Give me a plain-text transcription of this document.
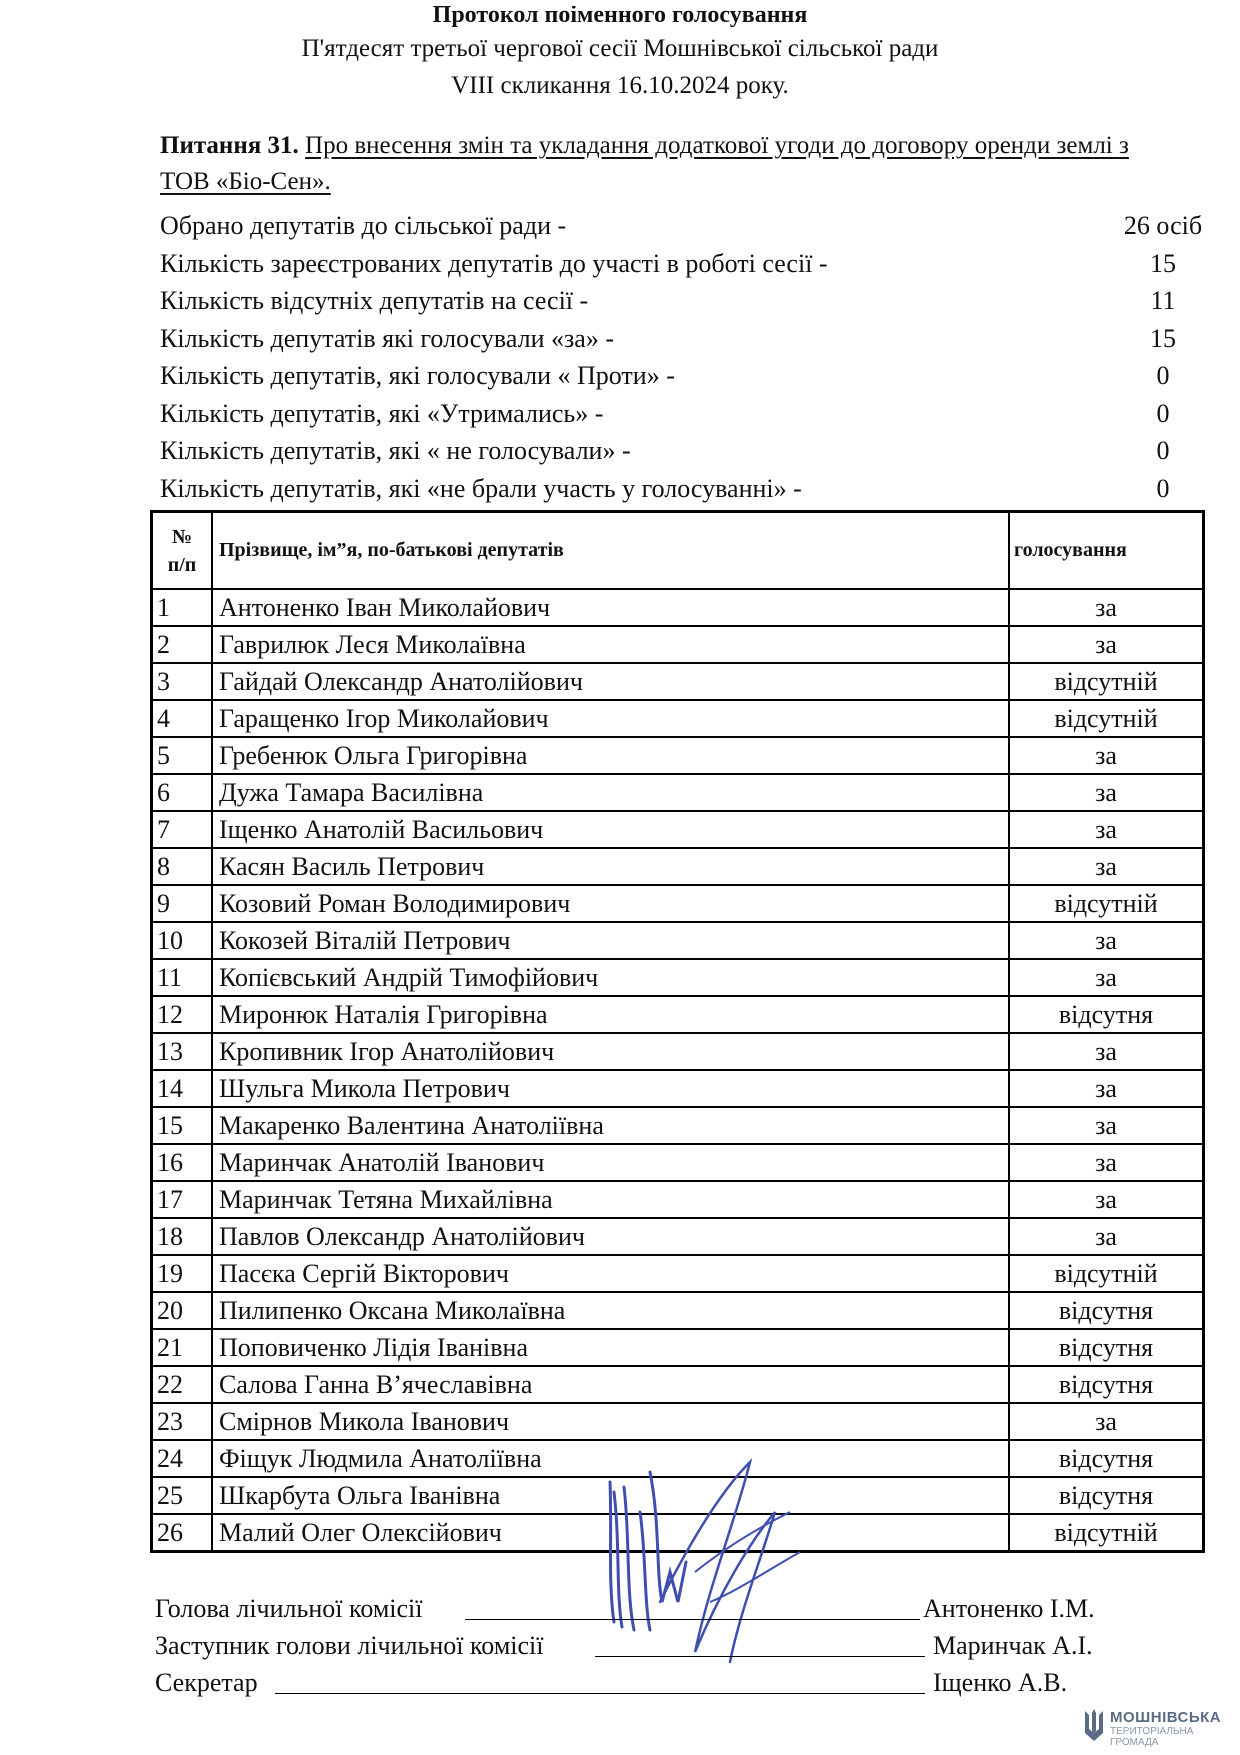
Протокол поіменного голосування
П'ятдесят третьої чергової сесії Мошнівської сільської ради
VIII скликання 16.10.2024 року.
Питання 31. Про внесення змін та укладання додаткової угоди до договору оренди землі з ТОВ «Біо-Сен».
Обрано депутатів до сільської ради -	26 осіб
Кількість зареєстрованих депутатів до участі в роботі сесії -	15
Кількість відсутніх депутатів на сесії -	11
Кількість депутатів які голосували «за» -	15
Кількість депутатів, які голосували « Проти» -	0
Кількість депутатів, які «Утримались» -	0
Кількість депутатів, які « не голосували» -	0
Кількість депутатів, які «не брали участь у голосуванні» -	0
№
п/п	Прізвище, ім”я, по-батькові депутатів	голосування
1	Антоненко Іван Миколайович	за
2	Гаврилюк Леся Миколаївна	за
3	Гайдай Олександр Анатолійович	відсутній
4	Гаращенко Ігор Миколайович	відсутній
5	Гребенюк Ольга Григорівна	за
6	Дужа Тамара Василівна	за
7	Іщенко Анатолій Васильович	за
8	Касян Василь Петрович	за
9	Козовий Роман Володимирович	відсутній
10	Кокозей Віталій Петрович	за
11	Копієвський Андрій Тимофійович	за
12	Миронюк Наталія Григорівна	відсутня
13	Кропивник Ігор Анатолійович	за
14	Шульга Микола Петрович	за
15	Макаренко Валентина Анатоліївна	за
16	Маринчак Анатолій Іванович	за
17	Маринчак Тетяна Михайлівна	за
18	Павлов Олександр Анатолійович	за
19	Пасєка Сергій Вікторович	відсутній
20	Пилипенко Оксана Миколаївна	відсутня
21	Поповиченко Лідія Іванівна	відсутня
22	Салова Ганна В’ячеславівна	відсутня
23	Смірнов Микола Іванович	за
24	Фіщук Людмила Анатоліївна	відсутня
25	Шкарбута Ольга Іванівна	відсутня
26	Малий Олег Олексійович	відсутній
Голова лічильної комісії	Антоненко І.М.
Заступник голови лічильної комісії	Маринчак А.І.
Секретар	Іщенко А.В.
МОШНІВСЬКА
ТЕРИТОРІАЛЬНА
ГРОМАДА
